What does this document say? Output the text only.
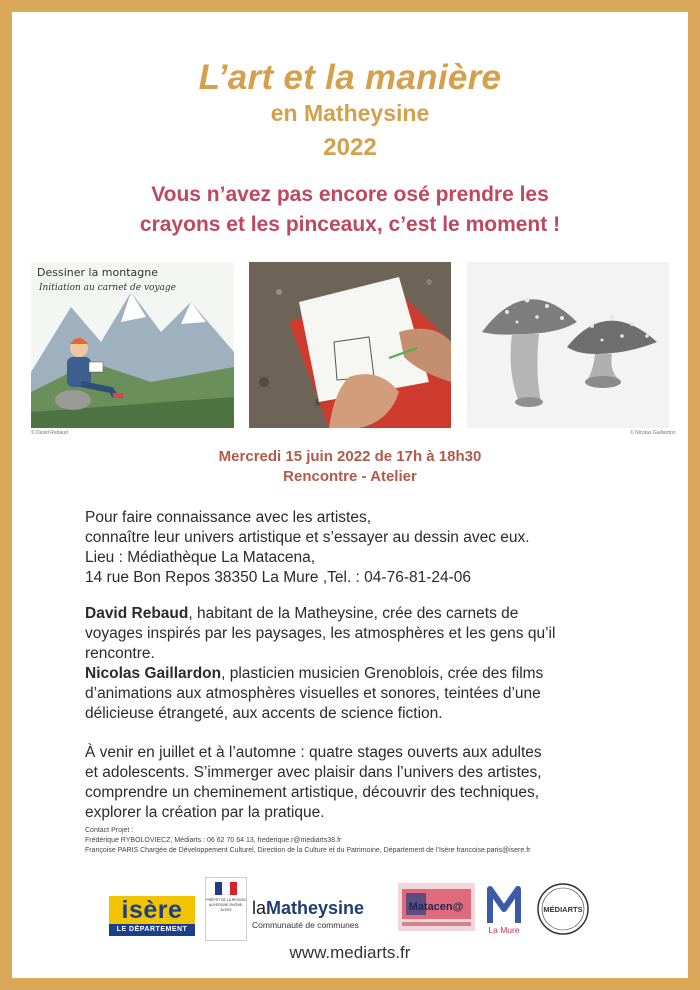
L’art et la manière
en Matheysine
2022
Vous n’avez pas encore osé prendre les
crayons et les pinceaux, c’est le moment !
Dessiner la montagne
Initiation au carnet de voyage
© David Rebaud	© Nicolas Gaillardon
Mercredi 15 juin 2022 de 17h à 18h30
Rencontre - Atelier
Pour faire connaissance avec les artistes,
connaître leur univers artistique et s’essayer au dessin avec eux.
Lieu : Médiathèque La Matacena,
14 rue Bon Repos 38350 La Mure ,Tel. : 04-76-81-24-06
David Rebaud, habitant de la Matheysine, crée des carnets de
voyages inspirés par les paysages, les atmosphères et les gens qu’il
rencontre.
Nicolas Gaillardon, plasticien musicien Grenoblois, crée des films
d’animations aux atmosphères visuelles et sonores, teintées d’une
délicieuse étrangeté, aux accents de science fiction.
À venir en juillet et à l’automne : quatre stages ouverts aux adultes
et adolescents. S’immerger avec plaisir dans l’univers des artistes,
comprendre un cheminement artistique, découvrir des techniques,
explorer la création par la pratique.
Contact Projet :
Frédérique RYBOLOVIECZ, Médiarts : 06 62 70 64 13, frederique.r@mediarts38.fr
Françoise PARIS Chargée de Développement Culturel, Direction de la Culture et du Patrimoine, Département de l’Isère francoise.paris@isere.fr
isère
LE DÉPARTEMENT
PRÉFET DE LA RÉGION AUVERGNE-RHÔNE-ALPES	laMatheysine
Communauté de communes
Matacen@
La Mure
MÉDIARTS
www.mediarts.fr
